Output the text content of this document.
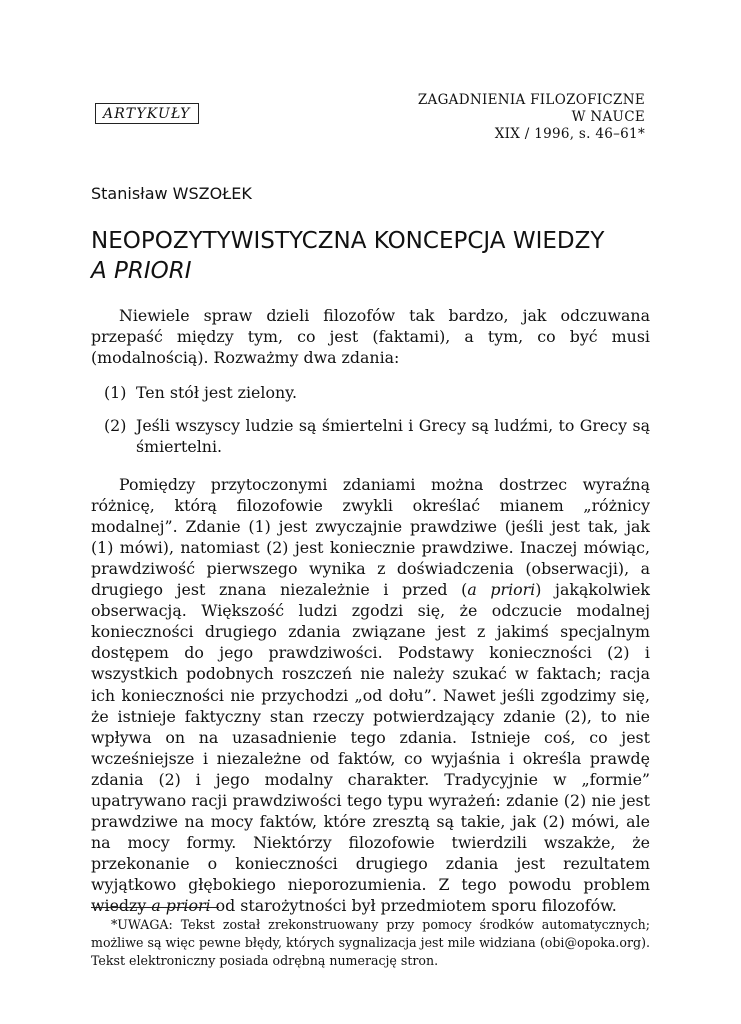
ARTYKUŁY
ZAGADNIENIA FILOZOFICZNE
W NAUCE
XIX / 1996, s. 46–61*
Stanisław WSZOŁEK
NEOPOZYTYWISTYCZNA KONCEPCJA WIEDZY
A PRIORI

Niewiele spraw dzieli filozofów tak bardzo, jak odczuwana przepaść między tym, co jest (faktami), a tym, co być musi (modalnością). Rozważmy dwa zdania:

(1) Ten stół jest zielony.
(2) Jeśli wszyscy ludzie są śmiertelni i Grecy są ludźmi, to Grecy są śmiertelni.

Pomiędzy przytoczonymi zdaniami można dostrzec wyraźną różnicę, którą filozofowie zwykli określać mianem „różnicy modalnej”. Zdanie (1) jest zwyczajnie prawdziwe (jeśli jest tak, jak (1) mówi), natomiast (2) jest koniecznie prawdziwe. Inaczej mówiąc, prawdziwość pierwszego wynika z doświadczenia (obserwacji), a drugiego jest znana niezależnie i przed (a priori) jakąkolwiek obserwacją. Większość ludzi zgodzi się, że odczucie modalnej konieczności drugiego zdania związane jest z jakimś specjalnym dostępem do jego prawdziwości. Podstawy konieczności (2) i wszystkich podobnych roszczeń nie należy szukać w faktach; racja ich konieczności nie przychodzi „od dołu”. Nawet jeśli zgodzimy się, że istnieje faktyczny stan rzeczy potwierdzający zdanie (2), to nie wpływa on na uzasadnienie tego zdania. Istnieje coś, co jest wcześniejsze i niezależne od faktów, co wyjaśnia i określa prawdę zdania (2) i jego modalny charakter. Tradycyjnie w „formie” upatrywano racji prawdziwości tego typu wyrażeń: zdanie (2) nie jest prawdziwe na mocy faktów, które zresztą są takie, jak (2) mówi, ale na mocy formy. Niektórzy filozofowie twierdzili wszakże, że przekonanie o konieczności drugiego zdania jest rezultatem wyjątkowo głębokiego nieporozumienia. Z tego powodu problem wiedzy a priori od starożytności był przedmiotem sporu filozofów.

*UWAGA: Tekst został zrekonstruowany przy pomocy środków automatycznych; możliwe są więc pewne błędy, których sygnalizacja jest mile widziana (obi@opoka.org). Tekst elektroniczny posiada odrębną numerację stron.
